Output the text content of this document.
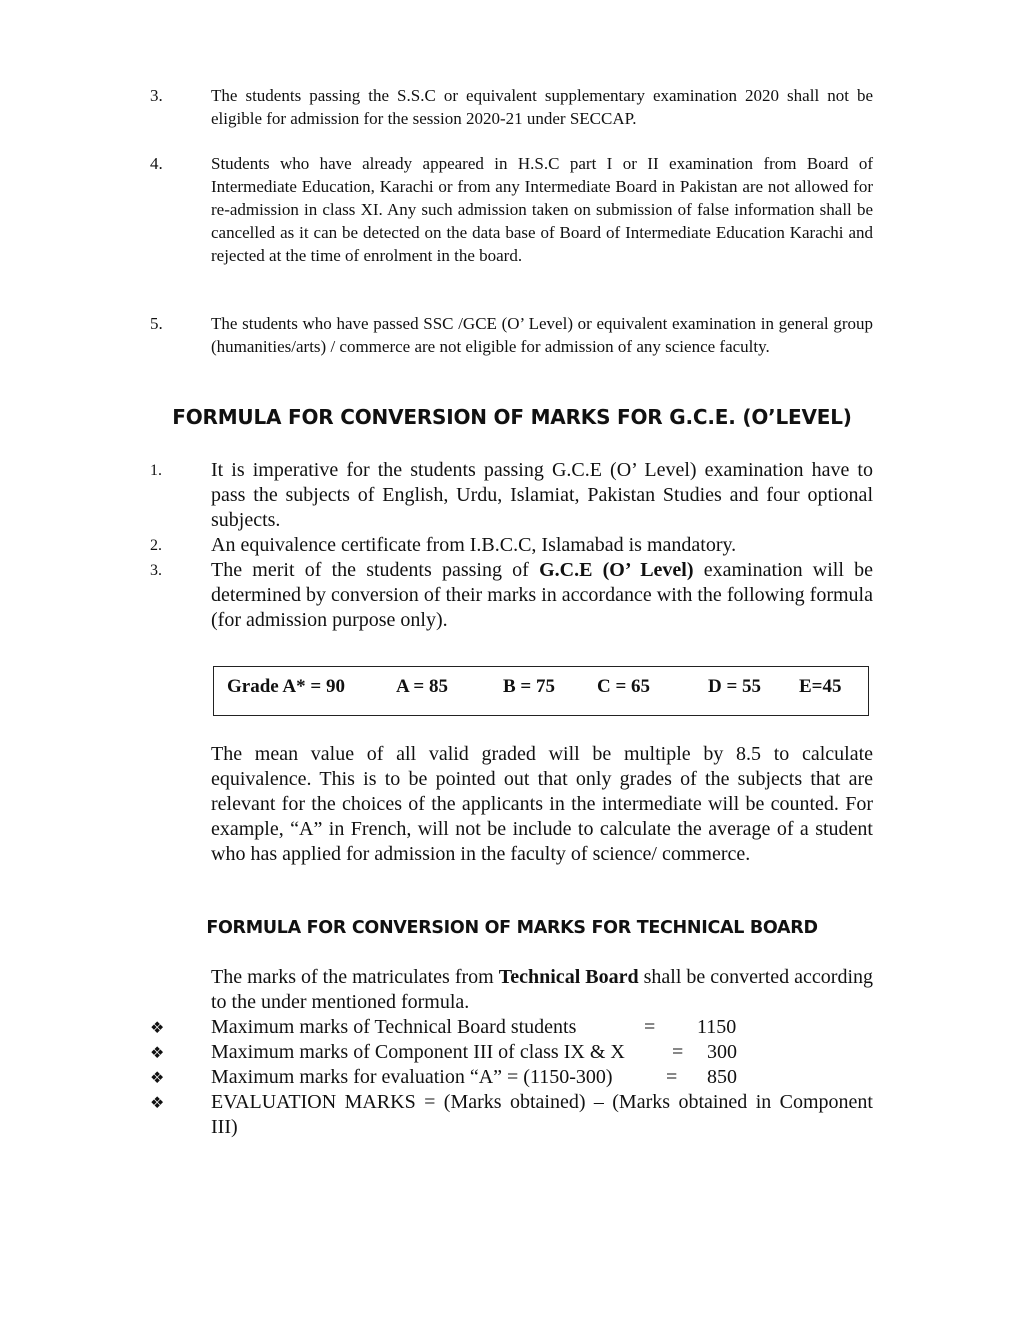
3.	The students passing the S.S.C or equivalent supplementary examination 2020 shall not be eligible for admission for the session 2020-21 under SECCAP.
4.	Students who have already appeared in H.S.C part I or II examination from Board of Intermediate Education, Karachi or from any Intermediate Board in Pakistan are not allowed for re-admission in class XI. Any such admission taken on submission of false information shall be cancelled as it can be detected on the data base of Board of Intermediate Education Karachi and rejected at the time of enrolment in the board.
5.	The students who have passed SSC /GCE (O’ Level) or equivalent examination in general group (humanities/arts) / commerce are not eligible for admission of any science faculty.
FORMULA FOR CONVERSION OF MARKS FOR G.C.E. (O’LEVEL)
1.	It is imperative for the students passing G.C.E (O’ Level) examination have to pass the subjects of English, Urdu, Islamiat, Pakistan Studies and four optional subjects.
2.	An equivalence certificate from I.B.C.C, Islamabad is mandatory.
3.	The merit of the students passing of G.C.E (O’ Level) examination will be determined by conversion of their marks in accordance with the following formula (for admission purpose only).
Grade A* = 90	A = 85	B = 75 C = 65	D = 55 E=45
The mean value of all valid graded will be multiple by 8.5 to calculate equivalence. This is to be pointed out that only grades of the subjects that are relevant for the choices of the applicants in the intermediate will be counted. For example, “A” in French, will not be include to calculate the average of a student who has applied for admission in the faculty of science/ commerce.
FORMULA FOR CONVERSION OF MARKS FOR TECHNICAL BOARD
The marks of the matriculates from Technical Board shall be converted according to the under mentioned formula.
❖	Maximum marks of Technical Board students	= 1150
❖	Maximum marks of Component III of class IX & X = 300
❖	Maximum marks for evaluation “A” = (1150-300)	= 850
❖	EVALUATION MARKS = (Marks obtained) – (Marks obtained in Component III)
